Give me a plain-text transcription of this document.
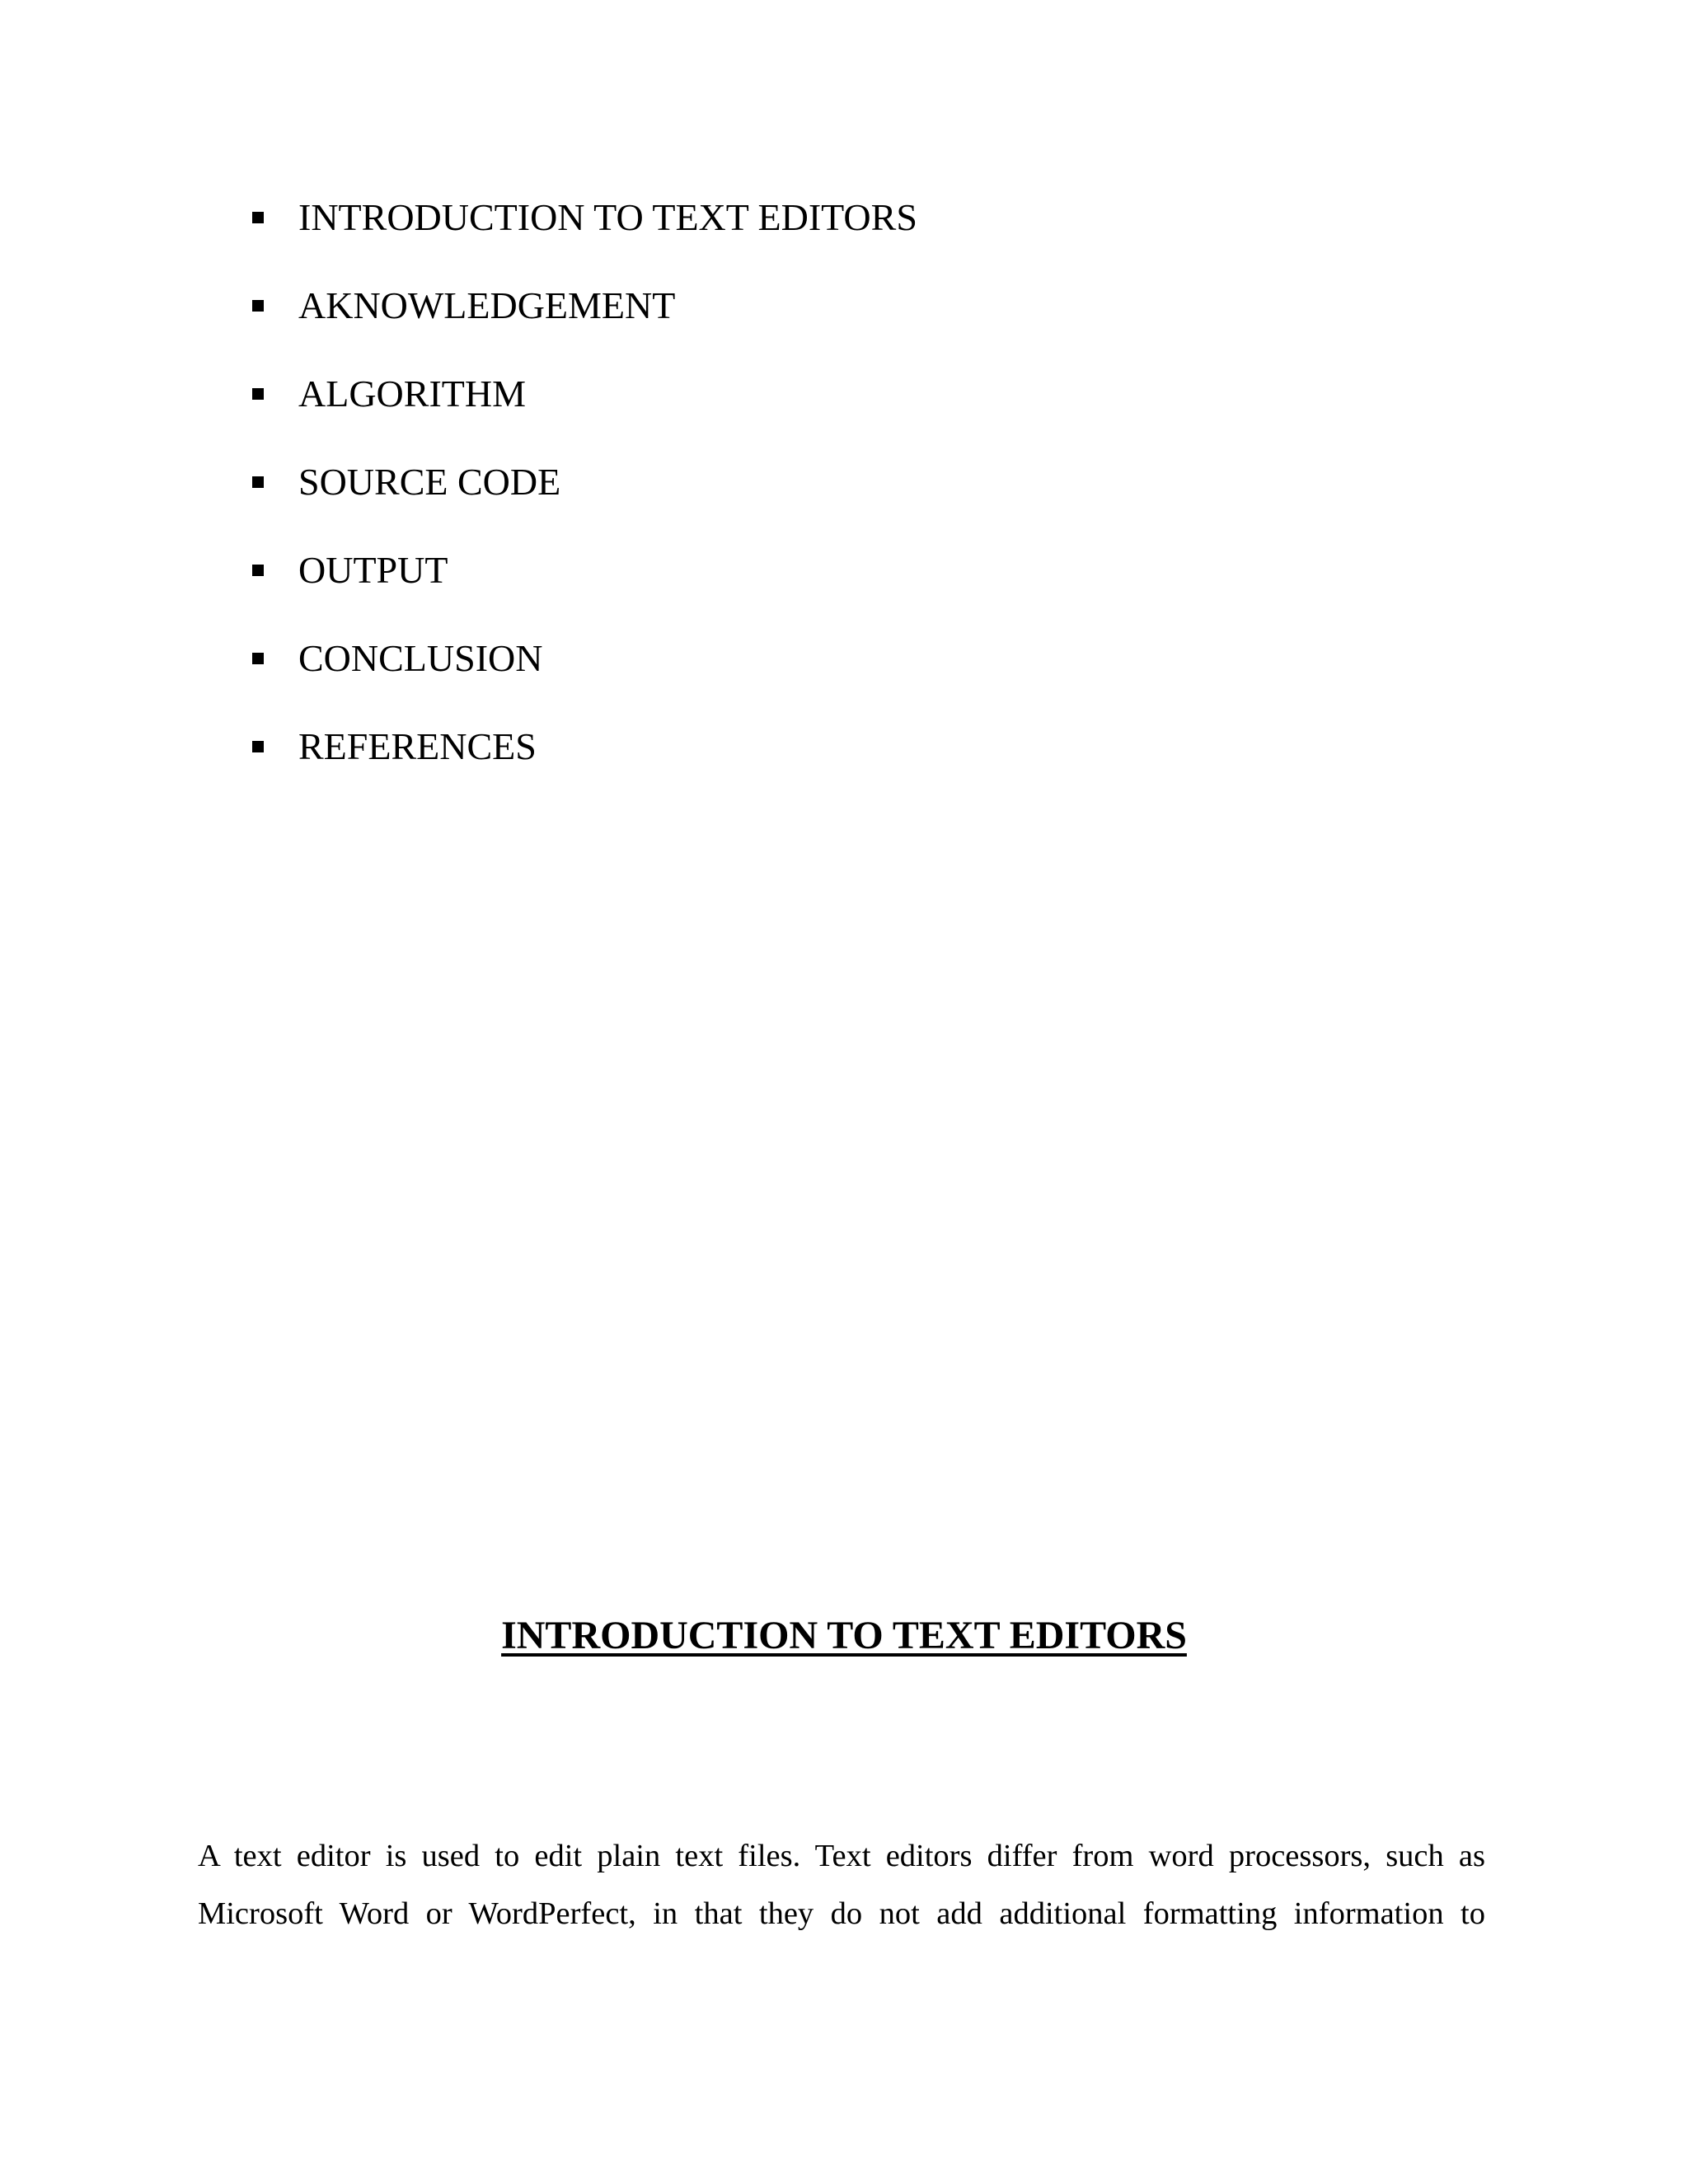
INTRODUCTION TO TEXT EDITORS
AKNOWLEDGEMENT
ALGORITHM
SOURCE CODE
OUTPUT
CONCLUSION
REFERENCES
INTRODUCTION TO TEXT EDITORS

A text editor is used to edit plain text files. Text editors differ from word processors, such as
Microsoft Word or WordPerfect, in that they do not add additional formatting information to
